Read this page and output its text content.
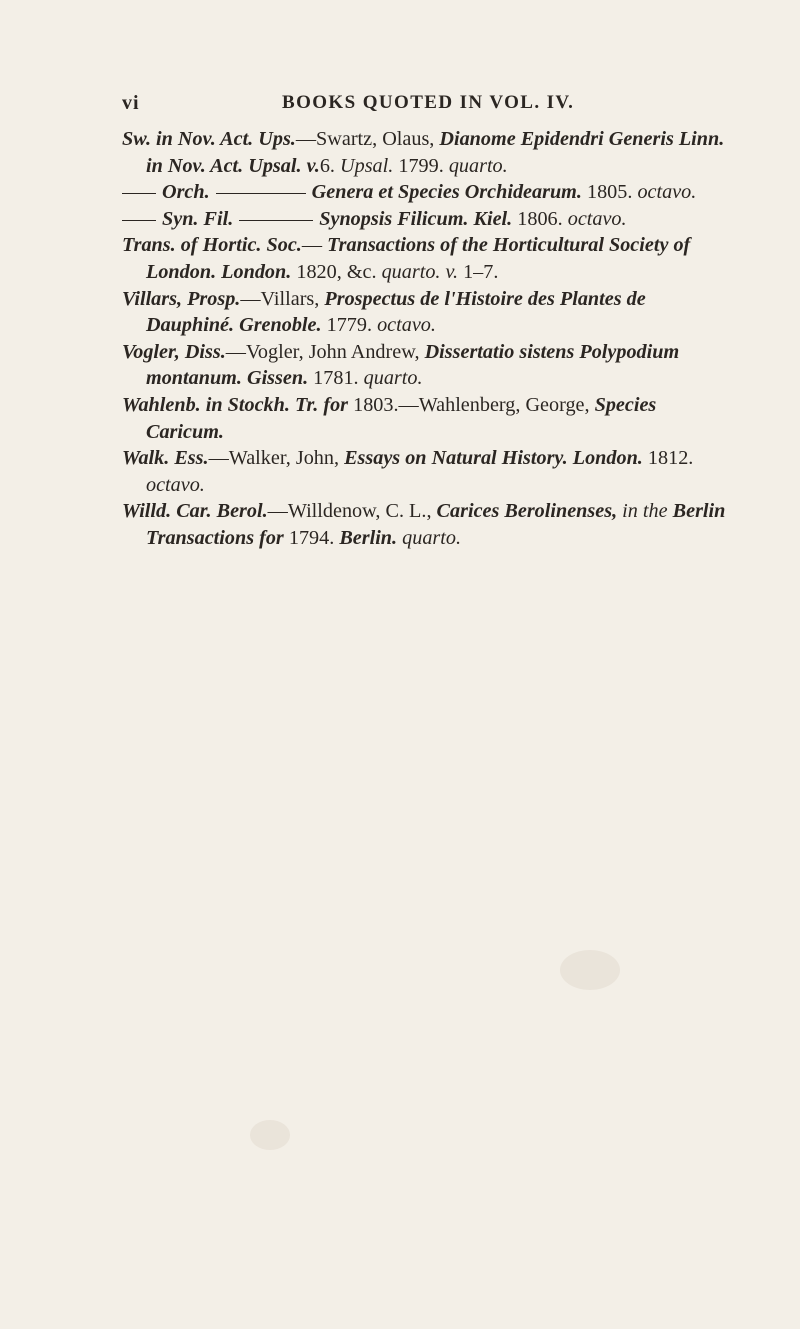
vi	BOOKS QUOTED IN VOL. IV.

Sw. in Nov. Act. Ups.—Swartz, Olaus, Dianome Epidendri Generis Linn. in Nov. Act. Upsal. v.6. Upsal. 1799. quarto.

Orch.	Genera et Species Orchidearum. 1805. octavo.

Syn. Fil.	Synopsis Filicum. Kiel. 1806. octavo.

Trans. of Hortic. Soc.— Transactions of the Horticultural Society of London. London. 1820, &c. quarto. v. 1–7.

Villars, Prosp.—Villars, Prospectus de l'Histoire des Plantes de Dauphiné. Grenoble. 1779. octavo.

Vogler, Diss.—Vogler, John Andrew, Dissertatio sistens Polypodium montanum. Gissen. 1781. quarto.

Wahlenb. in Stockh. Tr. for 1803.—Wahlenberg, George, Species Caricum.

Walk. Ess.—Walker, John, Essays on Natural History. London. 1812. octavo.

Willd. Car. Berol.—Willdenow, C. L., Carices Berolinenses, in the Berlin Transactions for 1794. Berlin. quarto.
